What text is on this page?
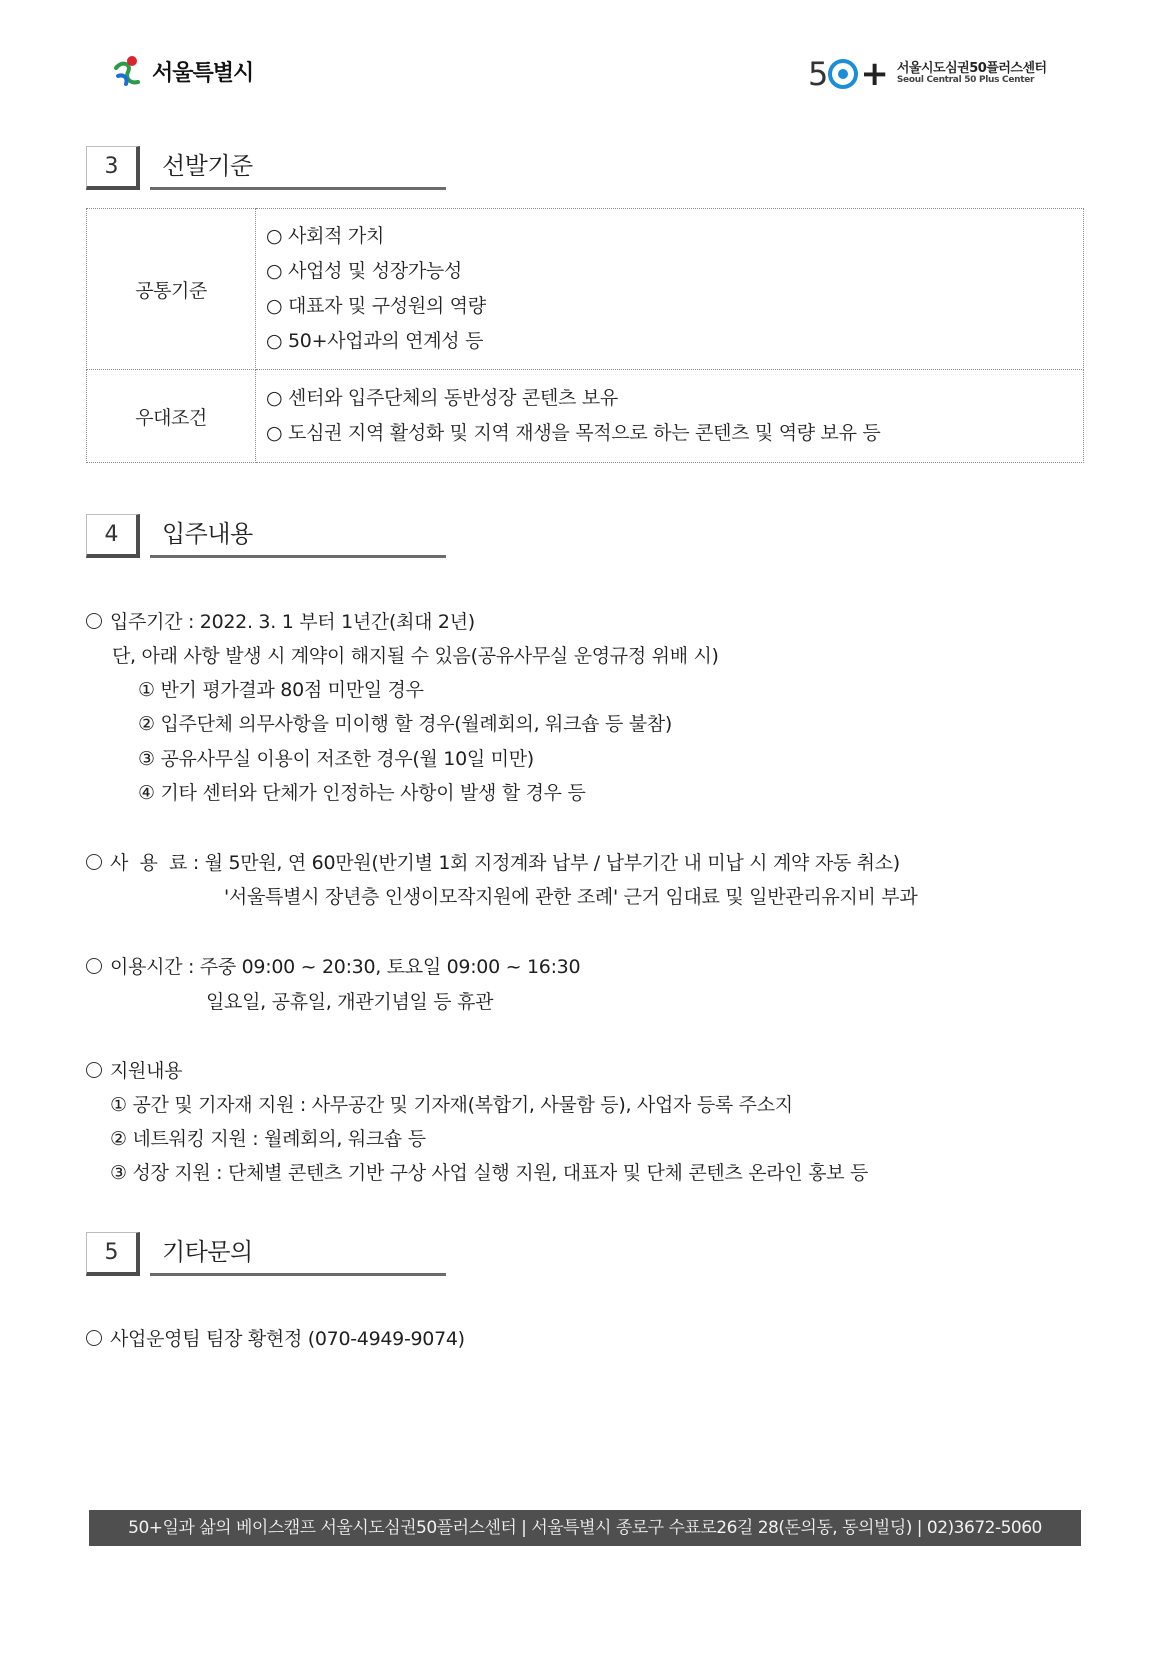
서울특별시	5 + 서울시도심권50플러스센터
Seoul Central 50 Plus Center
3	선발기준
공통기준	○ 사회적 가치
○ 사업성 및 성장가능성
○ 대표자 및 구성원의 역량
○ 50+사업과의 연계성 등

우대조건	○ 센터와 입주단체의 동반성장 콘텐츠 보유
○ 도심권 지역 활성화 및 지역 재생을 목적으로 하는 콘텐츠 및 역량 보유 등
4	입주내용
입주기간 : 2022. 3. 1 부터 1년간(최대 2년)
단, 아래 사항 발생 시 계약이 해지될 수 있음(공유사무실 운영규정 위배 시)
① 반기 평가결과 80점 미만일 경우
② 입주단체 의무사항을 미이행 할 경우(월례회의, 워크숍 등 불참)
③ 공유사무실 이용이 저조한 경우(월 10일 미만)
④ 기타 센터와 단체가 인정하는 사항이 발생 할 경우 등
사  용  료 : 월 5만원, 연 60만원(반기별 1회 지정계좌 납부 / 납부기간 내 미납 시 계약 자동 취소)
'서울특별시 장년층 인생이모작지원에 관한 조례' 근거 임대료 및 일반관리유지비 부과
이용시간 : 주중 09:00 ~ 20:30, 토요일 09:00 ~ 16:30
일요일, 공휴일, 개관기념일 등 휴관
지원내용
① 공간 및 기자재 지원 : 사무공간 및 기자재(복합기, 사물함 등), 사업자 등록 주소지
② 네트워킹 지원 : 월례회의, 워크숍 등
③ 성장 지원 : 단체별 콘텐츠 기반 구상 사업 실행 지원, 대표자 및 단체 콘텐츠 온라인 홍보 등
5	기타문의
사업운영팀 팀장 황현정 (070-4949-9074)
50+일과 삶의 베이스캠프 서울시도심권50플러스센터 | 서울특별시 종로구 수표로26길 28(돈의동, 동의빌딩) | 02)3672-5060
